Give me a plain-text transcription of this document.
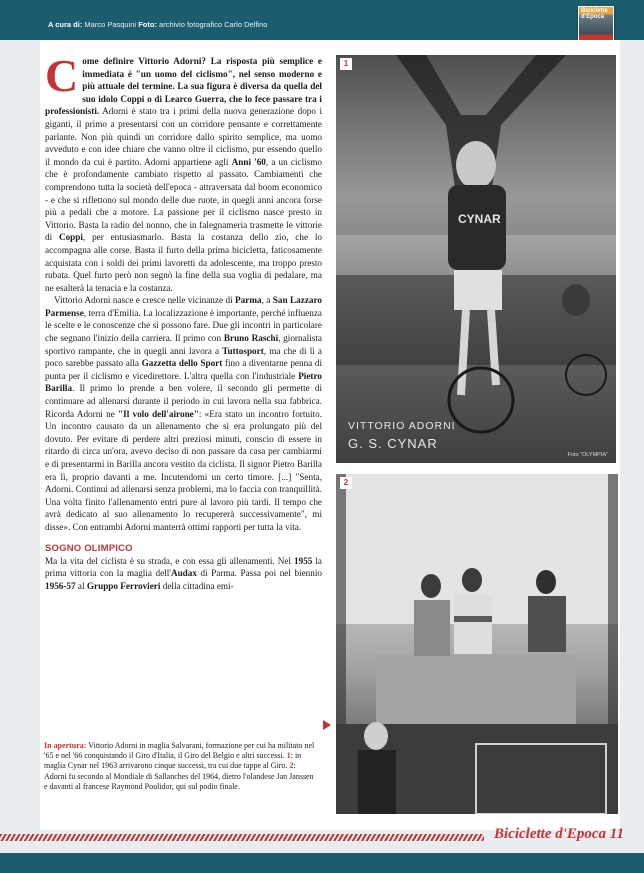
A cura di: Marco Pasquini Foto: archivio fotografico Carlo Delfino
Biciclette d'Epoca

Come definire Vittorio Adorni? La risposta più semplice e immediata è "un uomo del ciclismo", nel senso moderno e più attuale del termine. La sua figura è diversa da quella del suo idolo Coppi o di Learco Guerra, che lo fece passare tra i professionisti. Adorni è stato tra i primi della nuova generazione dopo i giganti, il primo a presentarsi con un corridore pensante e correttamente parlante. Non più quindi un corridore dallo spirito semplice, ma uomo avveduto e con idee chiare che vanno oltre il ciclismo, pur essendo quello il mondo da cui è partito. Adorni appartiene agli Anni '60, a un ciclismo che è profondamente cambiato rispetto al passato. Cambiamenti che comprendono tutta la società dell'epoca - attraversata dal boom economico - e che si riflettono sul mondo delle due ruote, in quegli anni ancora forse più a pedali che a motore. La passione per il ciclismo nasce presto in Vittorio. Basta la radio del nonno, che in falegnameria trasmette le vittorie di Coppi, per entusiasmarlo. Basta la costanza dello zio, che lo accompagna alle corse. Basta il furto della prima bicicletta, faticosamente acquistata con i soldi dei primi lavoretti da adolescente, ma troppo presto rubata. Quel furto però non segnò la fine della sua voglia di pedalare, ma ne esalterà la tenacia e la costanza.

Vittorio Adorni nasce e cresce nelle vicinanze di Parma, a San Lazzaro Parmense, terra d'Emilia. La localizzazione è importante, perché influenza le scelte e le conoscenze che si possono fare. Due gli incontri in particolare che segnano l'inizio della carriera. Il primo con Bruno Raschi, giornalista sportivo rampante, che in quegli anni lavora a Tuttosport, ma che di lì a poco sarebbe passato alla Gazzetta dello Sport fino a diventarne penna di punta per il ciclismo e vicedirettore. L'altra quella con l'industriale Pietro Barilla. Il primo lo prende a ben volere, il secondo gli permette di continuare ad allenarsi durante il periodo in cui lavora nella sua fabbrica. Ricorda Adorni ne "Il volo dell'airone": «Era stato un incontro fortuito. Un incontro causato da un allenamento che si era prolungato più del dovuto. Per evitare di perdere altri preziosi minuti, conscio di essere in ritardo di circa un'ora, avevo deciso di non passare da casa per cambiarmi e di presentarmi in Barilla ancora vestito da ciclista. Il signor Pietro Barilla era lì, proprio davanti a me. Incutendomi un certo timore. [...] "Senta, Adorni. Continui ad allenarsi senza problemi, ma lo faccia con tranquillità. Una volta finito l'allenamento entri pure al lavoro più tardi. Il tempo che avrà dedicato al suo allenamento lo recupererà successivamente", mi disse». Con entrambi Adorni manterrà ottimi rapporti per tutta la vita.

SOGNO OLIMPICO

Ma la vita del ciclista è su strada, e con essa gli allenamenti. Nel 1955 la prima vittoria con la maglia dell'Audax di Parma. Passa poi nel biennio 1956-57 al Gruppo Ferrovieri della cittadina emi-

In apertura: Vittorio Adorni in maglia Salvarani, formazione per cui ha militato nel '65 e nel '66 conquistando il Giro d'Italia, il Giro del Belgio e altri successi. 1: in maglia Cynar nel 1963 arrivarono cinque successi, tra cui due tappe al Giro. 2: Adorni fu secondo al Mondiale di Sallanches del 1964, dietro l'olandese Jan Janssen e davanti al francese Raymond Poulidor, qui sul podio finale.
CYNAR
1
VITTORIO ADORNI
G. S. CYNAR
Foto "OLYMPIA"
2
Biciclette d'Epoca 11
